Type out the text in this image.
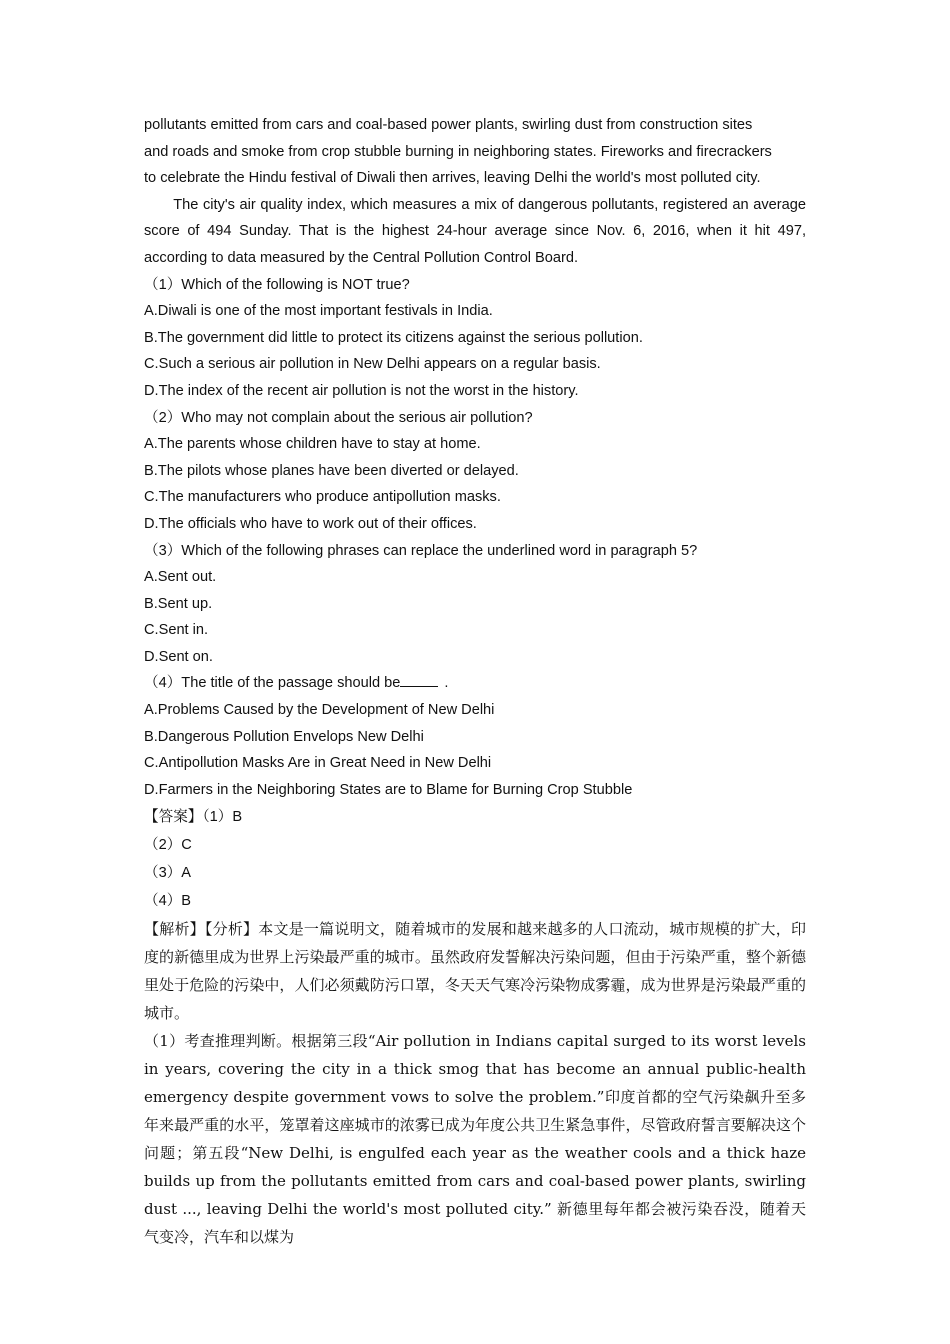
pollutants emitted from cars and coal-based power plants, swirling dust from construction sites

and roads and smoke from crop stubble burning in neighboring states. Fireworks and firecrackers

to celebrate the Hindu festival of Diwali then arrives, leaving Delhi the world's most polluted city.

The city's air quality index, which measures a mix of dangerous pollutants, registered an average score of 494 Sunday. That is the highest 24-hour average since Nov. 6, 2016, when it hit 497, according to data measured by the Central Pollution Control Board.

（1）Which of the following is NOT true?

A.Diwali is one of the most important festivals in India.

B.The government did little to protect its citizens against the serious pollution.

C.Such a serious air pollution in New Delhi appears on a regular basis.

D.The index of the recent air pollution is not the worst in the history.

（2）Who may not complain about the serious air pollution?

A.The parents whose children have to stay at home.

B.The pilots whose planes have been diverted or delayed.

C.The manufacturers who produce antipollution masks.

D.The officials who have to work out of their offices.

（3）Which of the following phrases can replace the underlined word in paragraph 5?

A.Sent out.

B.Sent up.

C.Sent in.

D.Sent on.

（4）The title of the passage should be	.

A.Problems Caused by the Development of New Delhi

B.Dangerous Pollution Envelops New Delhi

C.Antipollution Masks Are in Great Need in New Delhi

D.Farmers in the Neighboring States are to Blame for Burning Crop Stubble

【答案】（1）B

（2）C

（3）A

（4）B

【解析】【分析】本文是一篇说明文，随着城市的发展和越来越多的人口流动，城市规模的扩大，印度的新德里成为世界上污染最严重的城市。虽然政府发誓解决污染问题，但由于污染严重，整个新德里处于危险的污染中，人们必须戴防污口罩，冬天天气寒冷污染物成雾霾，成为世界是污染最严重的城市。

（1）考查推理判断。根据第三段“Air pollution in Indians capital surged to its worst levels in years, covering the city in a thick smog that has become an annual public-health emergency despite government vows to solve the problem.”印度首都的空气污染飙升至多年来最严重的水平，笼罩着这座城市的浓雾已成为年度公共卫生紧急事件，尽管政府誓言要解决这个问题；第五段“New Delhi, is engulfed each year as the weather cools and a thick haze builds up from the pollutants emitted from cars and coal-based power plants, swirling dust ..., leaving Delhi the world's most polluted city.” 新德里每年都会被污染吞没，随着天气变冷，汽车和以煤为
